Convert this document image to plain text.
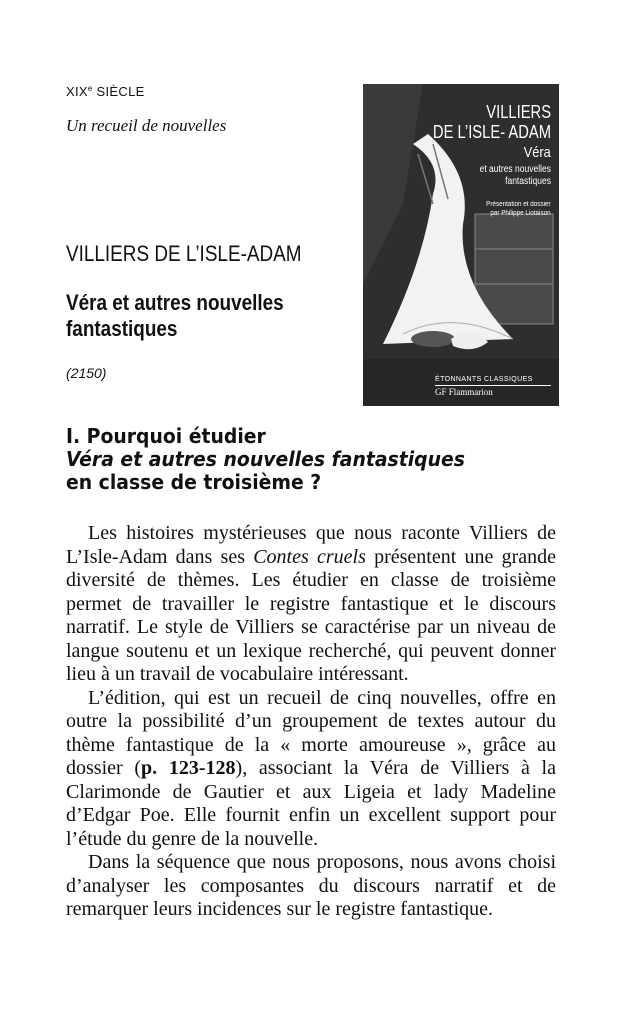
XIXe SIÈCLE
Un recueil de nouvelles
VILLIERS DE L’ISLE-ADAM
Véra et autres nouvelles fantastiques
(2150)
VILLIERS
DE L’ISLE- ADAM
Véra
et autres nouvelles
fantastiques
Présentation et dossier
par Philippe Liotaison
ÉTONNANTS CLASSIQUES
GF Flammarion
I. Pourquoi étudier
Véra et autres nouvelles fantastiques
en classe de troisième ?

Les histoires mystérieuses que nous raconte Villiers de L’Isle-Adam dans ses Contes cruels présentent une grande diversité de thèmes. Les étudier en classe de troisième permet de travailler le registre fantastique et le discours narratif. Le style de Villiers se caractérise par un niveau de langue soutenu et un lexique recherché, qui peuvent donner lieu à un travail de vocabulaire intéressant.

L’édition, qui est un recueil de cinq nouvelles, offre en outre la possibilité d’un groupement de textes autour du thème fantastique de la « morte amoureuse », grâce au dossier (p. 123-128), associant la Véra de Villiers à la Clarimonde de Gautier et aux Ligeia et lady Madeline d’Edgar Poe. Elle fournit enfin un excellent support pour l’étude du genre de la nouvelle.

Dans la séquence que nous proposons, nous avons choisi d’analyser les composantes du discours narratif et de remarquer leurs incidences sur le registre fantastique.
